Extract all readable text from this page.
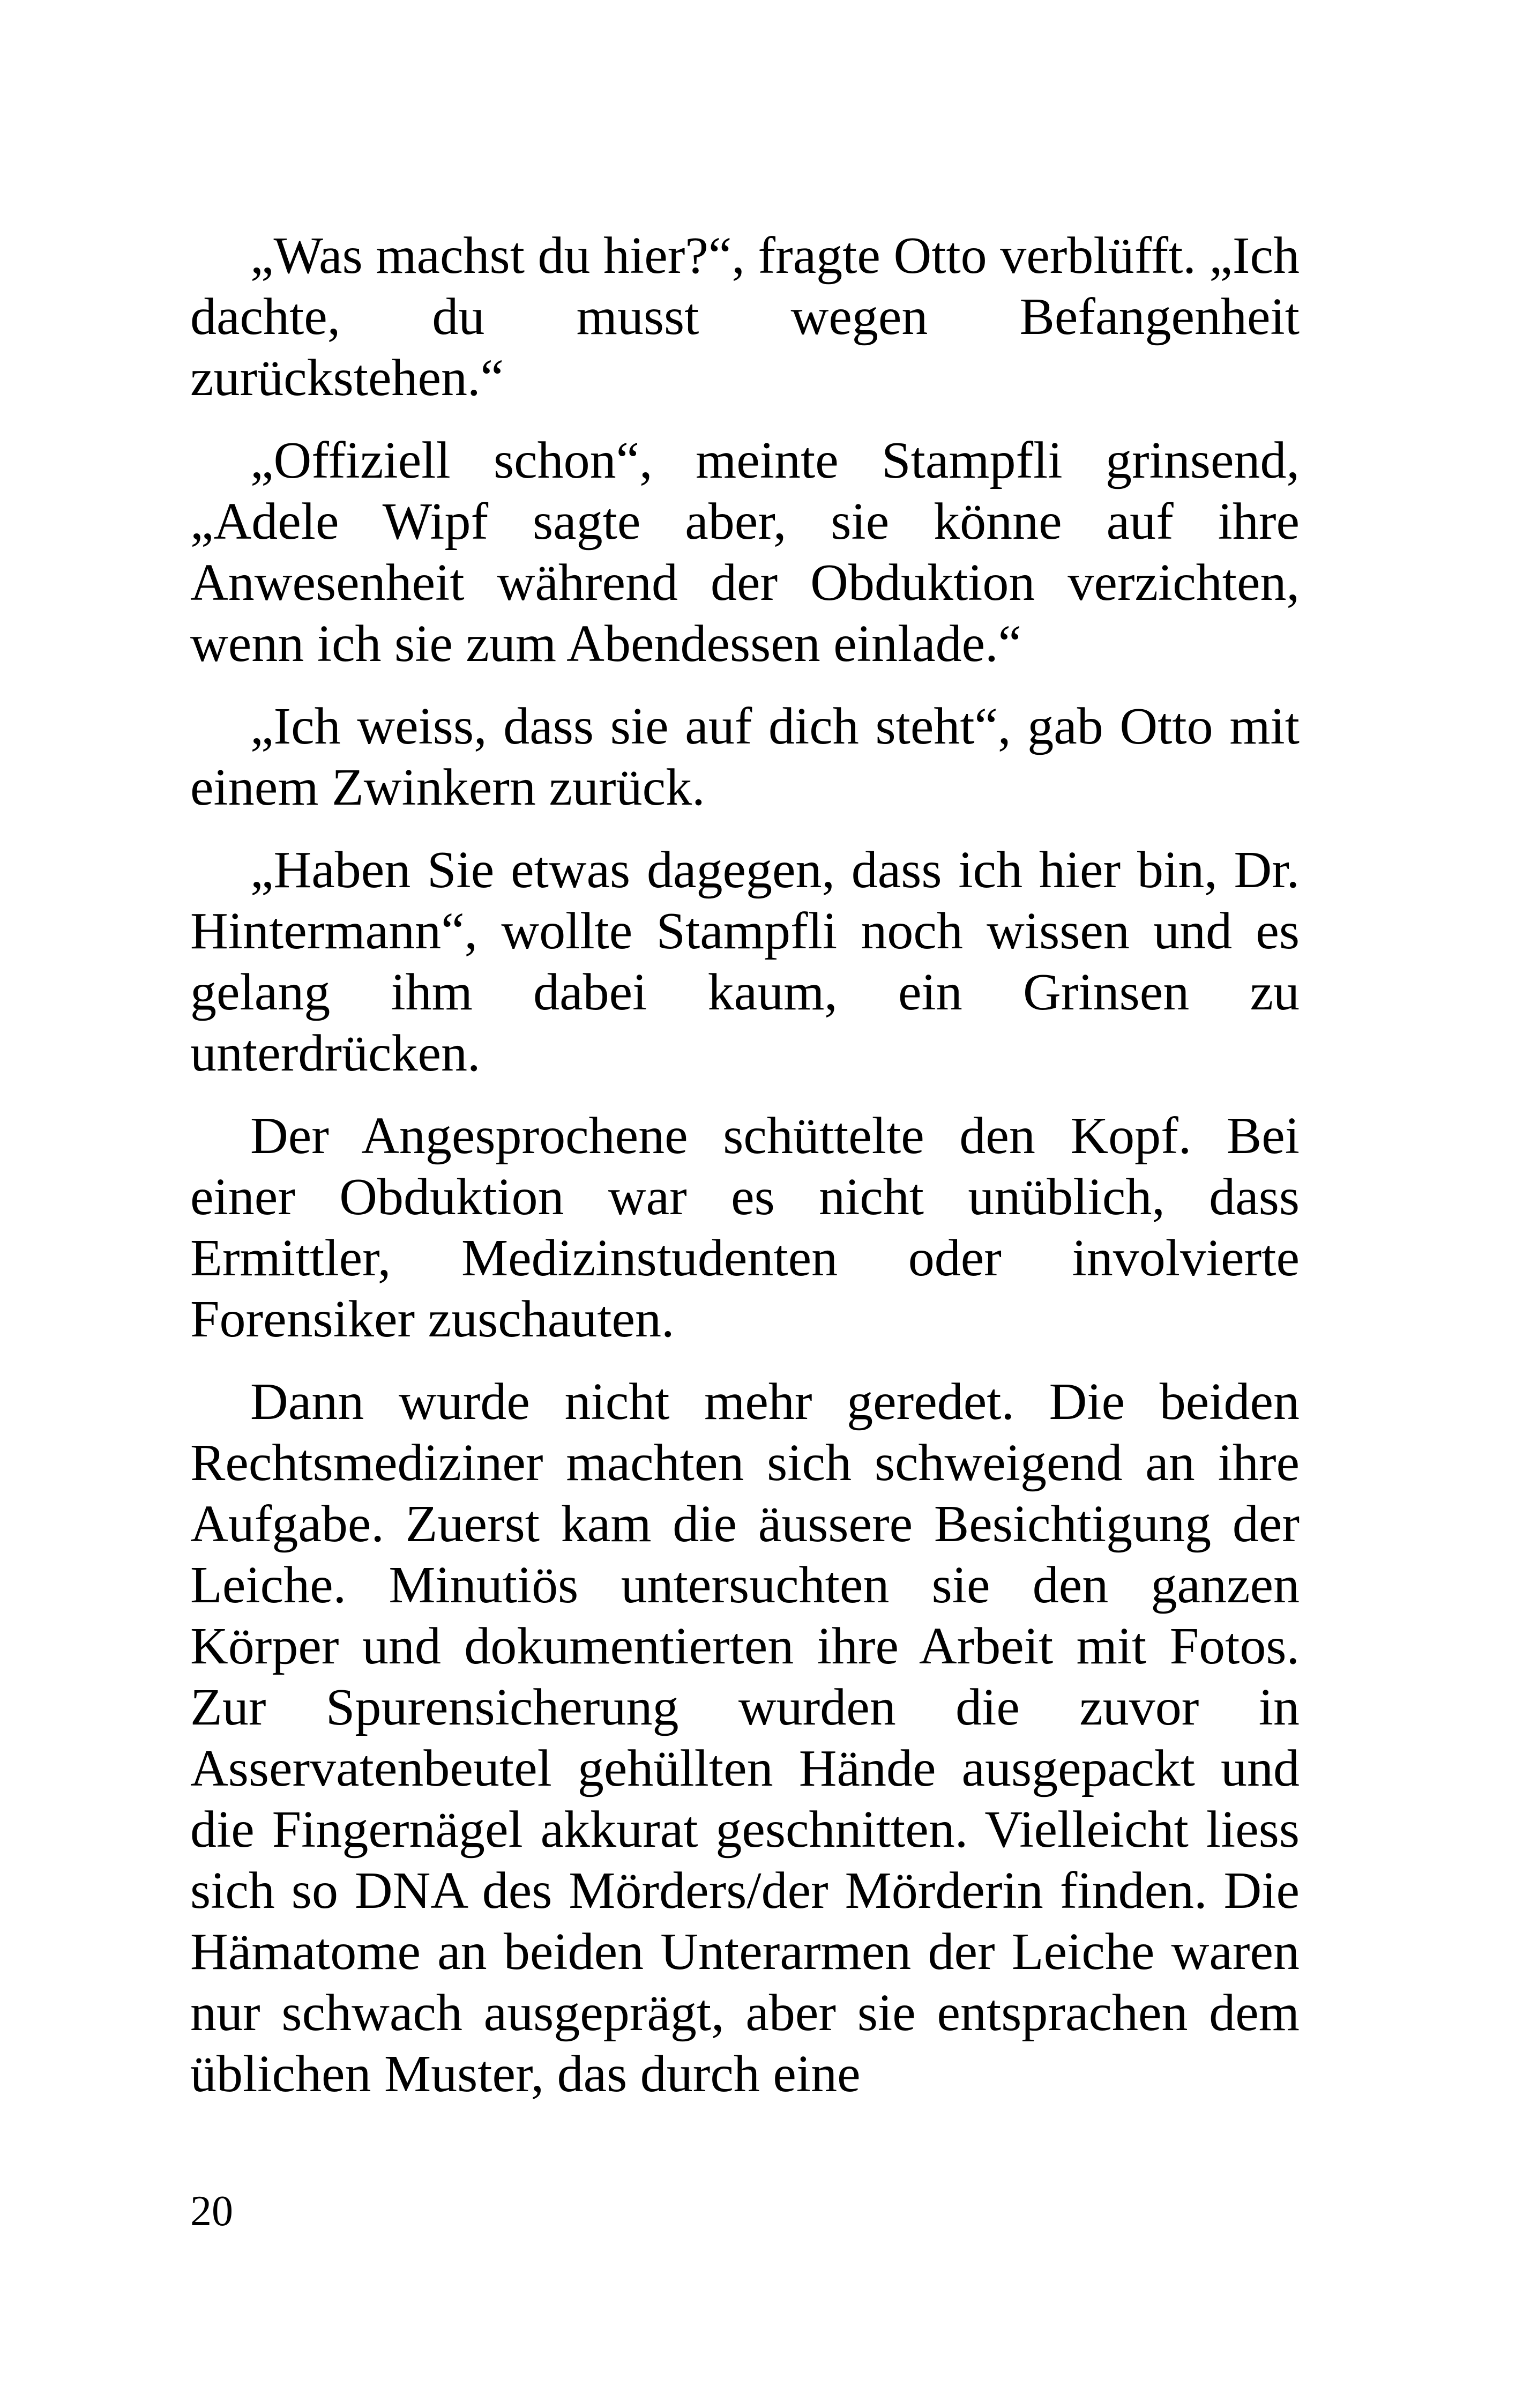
„Was machst du hier?“, fragte Otto verblüfft. „Ich dachte, du musst wegen Befangenheit zurückstehen.“

„Offiziell schon“, meinte Stampfli grinsend, „Adele Wipf sagte aber, sie könne auf ihre Anwesenheit während der Obduktion verzichten, wenn ich sie zum Abendessen einlade.“

„Ich weiss, dass sie auf dich steht“, gab Otto mit einem Zwinkern zurück.

„Haben Sie etwas dagegen, dass ich hier bin, Dr. Hintermann“, wollte Stampfli noch wissen und es gelang ihm dabei kaum, ein Grinsen zu unterdrücken.

Der Angesprochene schüttelte den Kopf. Bei einer Obduktion war es nicht unüblich, dass Ermittler, Medizinstudenten oder involvierte Forensiker zuschauten.

Dann wurde nicht mehr geredet. Die beiden Rechtsmediziner machten sich schweigend an ihre Aufgabe. Zuerst kam die äussere Besichtigung der Leiche. Minutiös untersuchten sie den ganzen Körper und dokumentierten ihre Arbeit mit Fotos. Zur Spurensicherung wurden die zuvor in Asservatenbeutel gehüllten Hände ausgepackt und die Fingernägel akkurat geschnitten. Vielleicht liess sich so DNA des Mörders/der Mörderin finden. Die Hämatome an beiden Unterarmen der Leiche waren nur schwach ausgeprägt, aber sie entsprachen dem üblichen Muster, das durch eine

20
